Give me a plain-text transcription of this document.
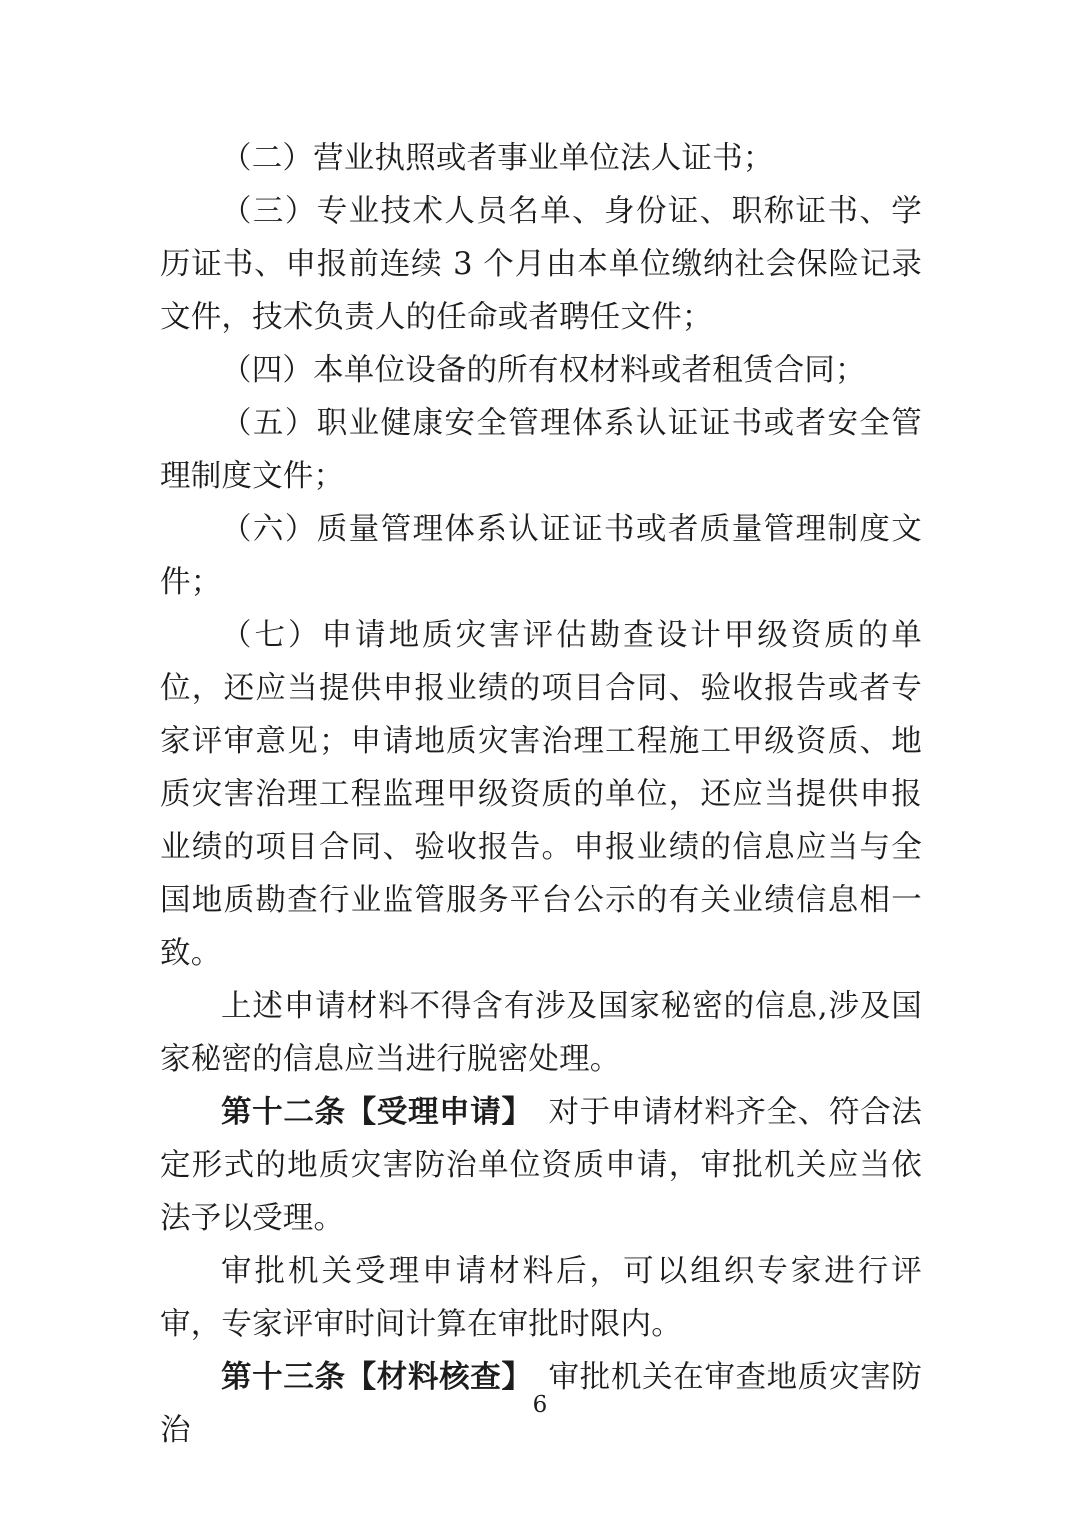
（二）营业执照或者事业单位法人证书；

（三）专业技术人员名单、身份证、职称证书、学历证书、申报前连续 3 个月由本单位缴纳社会保险记录文件，技术负责人的任命或者聘任文件；

（四）本单位设备的所有权材料或者租赁合同；

（五）职业健康安全管理体系认证证书或者安全管理制度文件；

（六）质量管理体系认证证书或者质量管理制度文件；

（七）申请地质灾害评估勘查设计甲级资质的单位，还应当提供申报业绩的项目合同、验收报告或者专家评审意见；申请地质灾害治理工程施工甲级资质、地质灾害治理工程监理甲级资质的单位，还应当提供申报业绩的项目合同、验收报告。申报业绩的信息应当与全国地质勘查行业监管服务平台公示的有关业绩信息相一致。

上述申请材料不得含有涉及国家秘密的信息,涉及国家秘密的信息应当进行脱密处理。

第十二条【受理申请】　对于申请材料齐全、符合法定形式的地质灾害防治单位资质申请，审批机关应当依法予以受理。

审批机关受理申请材料后，可以组织专家进行评审，专家评审时间计算在审批时限内。

第十三条【材料核查】　审批机关在审查地质灾害防治

6
